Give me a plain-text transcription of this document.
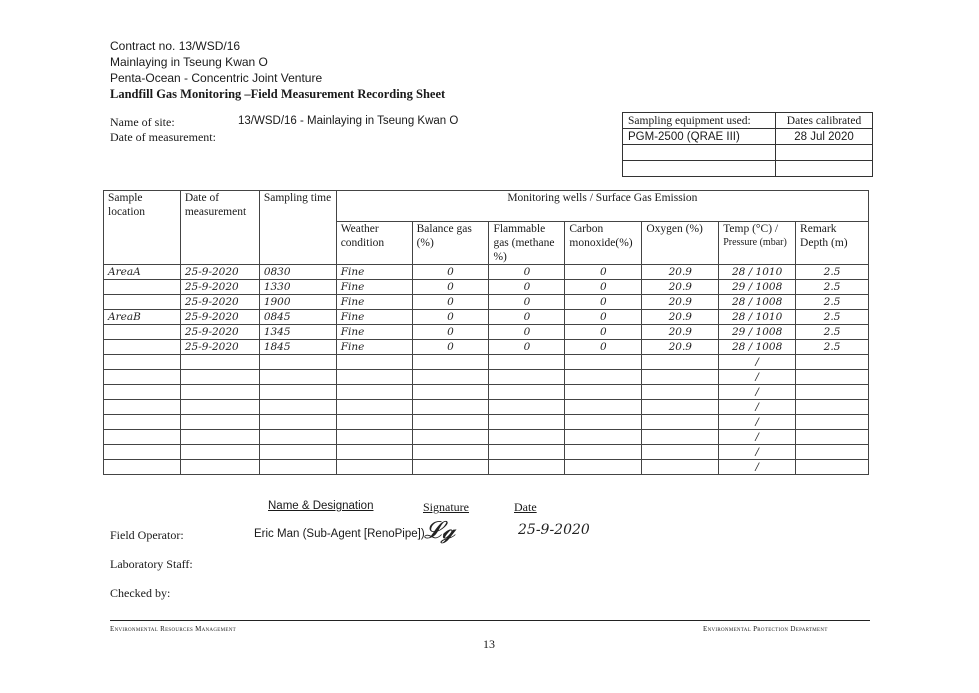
Contract no. 13/WSD/16
Mainlaying in Tseung Kwan O
Penta-Ocean - Concentric Joint Venture
Landfill Gas Monitoring –Field Measurement Recording Sheet
Name of site:
Date of measurement:
13/WSD/16 - Mainlaying in Tseung Kwan O	Sampling equipment used:	Dates calibrated
PGM-2500 (QRAE III)	28 Jul 2020

Sample location	Date of measurement	Sampling time	Monitoring wells / Surface Gas Emission						
			Weather condition	Balance gas (%)	Flammable gas (methane %)	Carbon monoxide(%)	Oxygen (%)	Temp (°C) /
Pressure (mbar)	Remark Depth (m)
AreaA	25-9-2020	0830	Fine	0	0	0	20.9	28 / 1010	2.5
	25-9-2020	1330	Fine	0	0	0	20.9	29 / 1008	2.5
	25-9-2020	1900	Fine	0	0	0	20.9	28 / 1008	2.5
AreaB	25-9-2020	0845	Fine	0	0	0	20.9	28 / 1010	2.5
	25-9-2020	1345	Fine	0	0	0	20.9	29 / 1008	2.5
	25-9-2020	1845	Fine	0	0	0	20.9	28 / 1008	2.5
								/	
								/	
								/	
								/	
								/	
								/	
								/	
								/	
Name & Designation	Signature	Date
Field Operator:	Eric Man (Sub-Agent [RenoPipe]) 𝓛𝓰	25-9-2020
Laboratory Staff:
Checked by:
Environmental Resources Management	Environmental Protection Department
13
